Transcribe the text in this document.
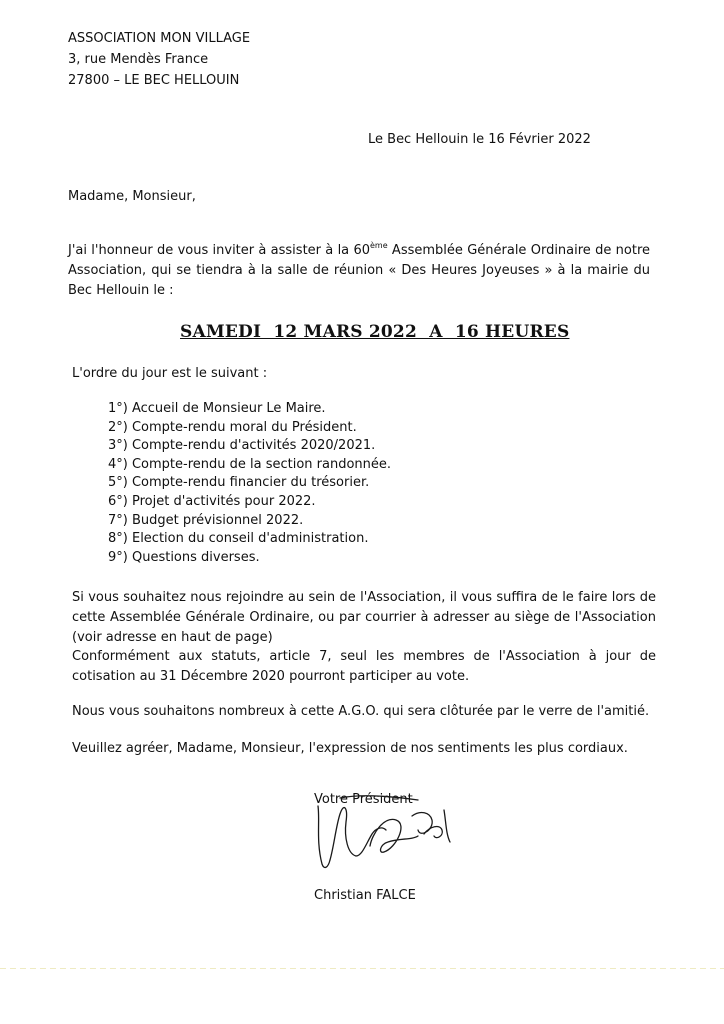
ASSOCIATION MON VILLAGE
3, rue Mendès France
27800 – LE BEC HELLOUIN
Le Bec Hellouin le 16 Février 2022
Madame, Monsieur,
J'ai l'honneur de vous inviter à assister à la 60ème Assemblée Générale Ordinaire de notre Association, qui se tiendra à la salle de réunion « Des Heures Joyeuses » à la mairie du Bec Hellouin le :
SAMEDI  12 MARS 2022  A  16 HEURES
L'ordre du jour est le suivant :
1°) Accueil de Monsieur Le Maire.
2°) Compte-rendu moral du Président.
3°) Compte-rendu d'activités 2020/2021.
4°) Compte-rendu de la section randonnée.
5°) Compte-rendu financier du trésorier.
6°) Projet d'activités pour 2022.
7°) Budget prévisionnel 2022.
8°) Election du conseil d'administration.
9°) Questions diverses.
Si vous souhaitez nous rejoindre au sein de l'Association, il vous suffira de le faire lors de cette Assemblée Générale Ordinaire, ou par courrier à adresser au siège de l'Association (voir adresse en haut de page)
Conformément aux statuts, article 7, seul les membres de l'Association à jour de cotisation au 31 Décembre 2020 pourront participer au vote.
Nous vous souhaitons nombreux à cette A.G.O. qui sera clôturée par le verre de l'amitié.
Veuillez agréer, Madame, Monsieur, l'expression de nos sentiments les plus cordiaux.
Votre Président
Christian FALCE
